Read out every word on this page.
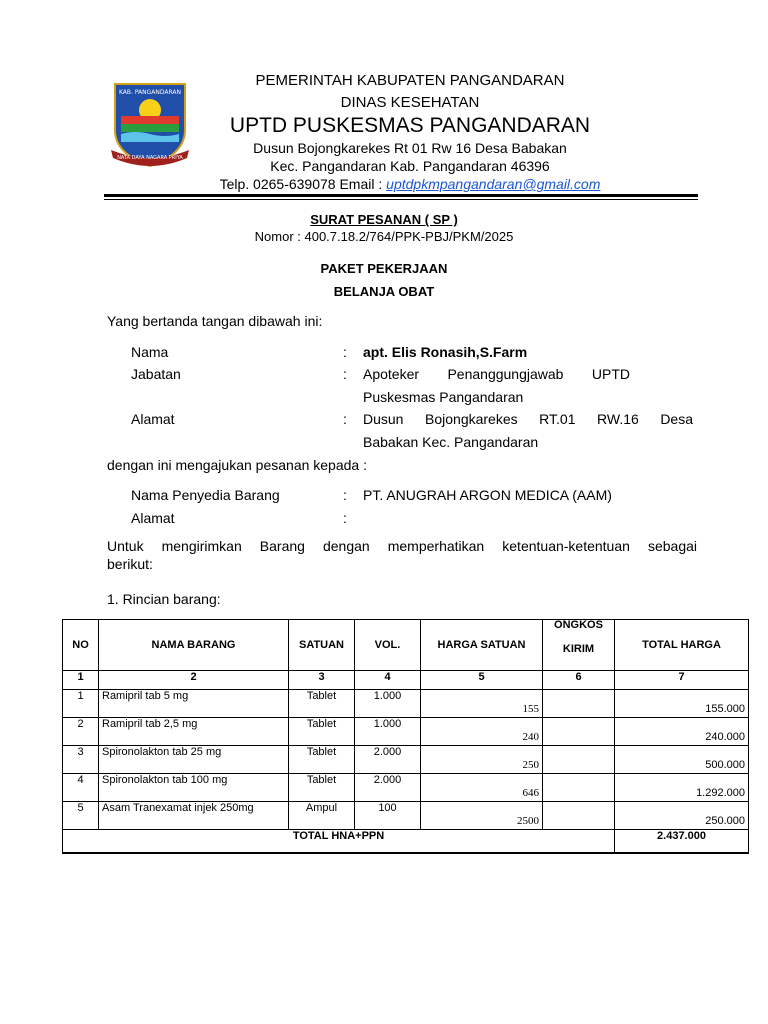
KAB. PANGANDARAN
NATA DAYA NAGARA PRIYA
PEMERINTAH KABUPATEN PANGANDARAN
DINAS KESEHATAN
UPTD PUSKESMAS PANGANDARAN
Dusun Bojongkarekes Rt 01 Rw 16 Desa Babakan
Kec. Pangandaran Kab. Pangandaran 46396
Telp. 0265-639078 Email : uptdpkmpangandaran@gmail.com
SURAT PESANAN ( SP )
Nomor : 400.7.18.2/764/PPK-PBJ/PKM/2025
PAKET PEKERJAAN
BELANJA OBAT
Yang bertanda tangan dibawah ini:
Nama	: apt. Elis Ronasih,S.Farm
Jabatan	: Apoteker Penanggungjawab UPTD
Puskesmas Pangandaran
Alamat	: Dusun Bojongkarekes RT.01 RW.16 Desa
Babakan Kec. Pangandaran
dengan ini mengajukan pesanan kepada :
Nama Penyedia Barang	: PT. ANUGRAH ARGON MEDICA (AAM)
Alamat	:
Untuk mengirimkan Barang dengan memperhatikan ketentuan-ketentuan sebagai
berikut:
1. Rincian barang:
NO	NAMA BARANG	SATUAN	VOL.	HARGA SATUAN	ONGKOS
KIRIM	TOTAL HARGA
1	2	3	4	5	6	7
1	Ramipril tab 5 mg	Tablet	1.000	155		155.000

2	Ramipril tab 2,5 mg	Tablet	1.000	240		240.000

3	Spironolakton tab 25 mg	Tablet	2.000	250		500.000

4	Spironolakton tab 100 mg	Tablet	2.000	646		1.292.000

5	Asam Tranexamat injek 250mg	Ampul	100	2500		250.000

TOTAL HNA+PPN						2.437.000
